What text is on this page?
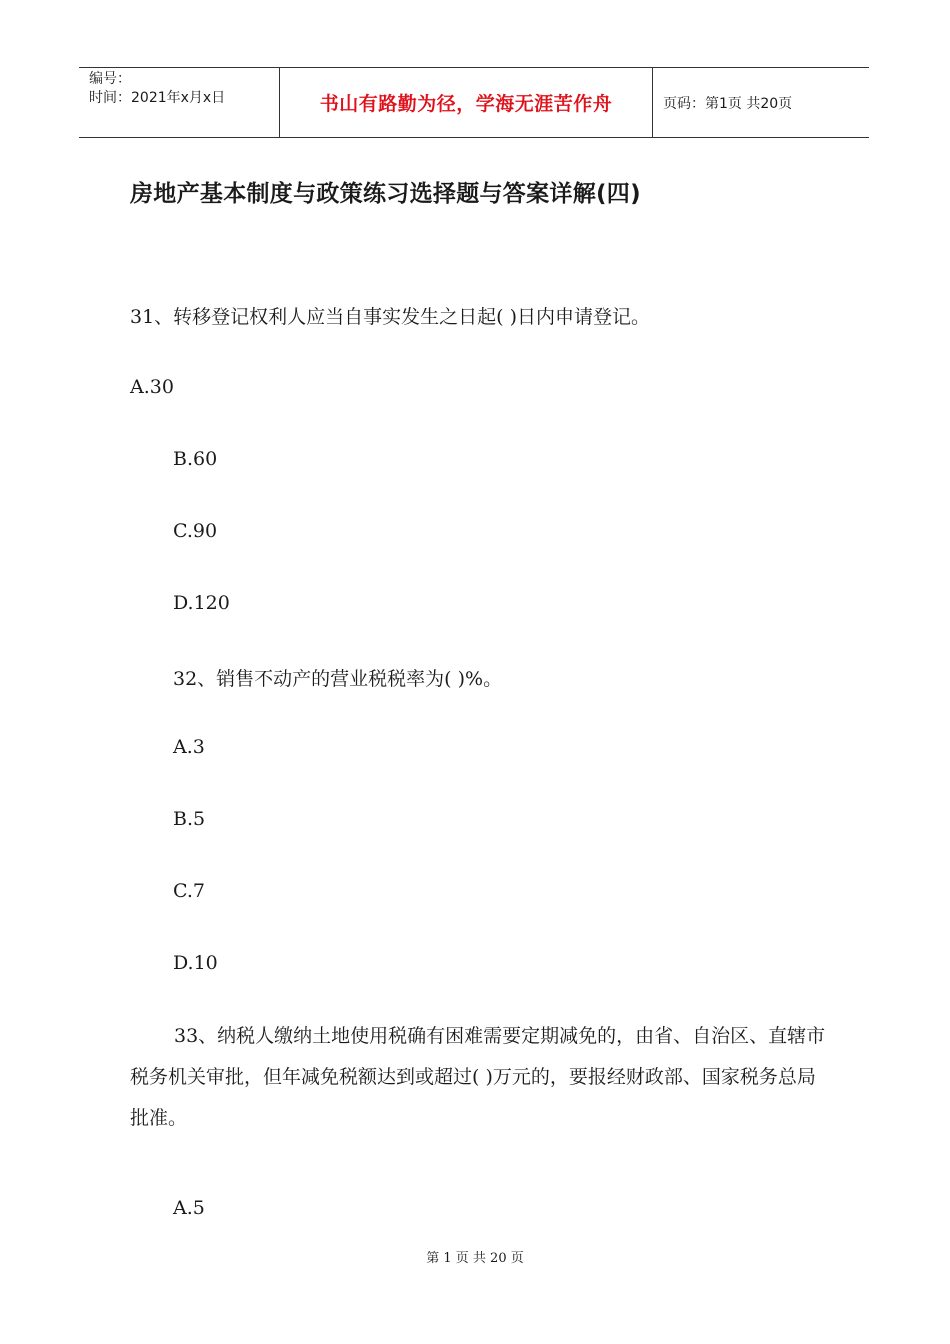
编号：
时间：2021年x月x日	书山有路勤为径，学海无涯苦作舟	页码：第1页 共20页
房地产基本制度与政策练习选择题与答案详解(四)
31、转移登记权利人应当自事实发生之日起( )日内申请登记。
A.30
B.60
C.90
D.120
32、销售不动产的营业税税率为( )%。
A.3
B.5
C.7
D.10
33、纳税人缴纳土地使用税确有困难需要定期减免的，由省、自治区、直辖市税务机关审批，但年减免税额达到或超过( )万元的，要报经财政部、国家税务总局批准。
A.5
第 1 页 共 20 页
